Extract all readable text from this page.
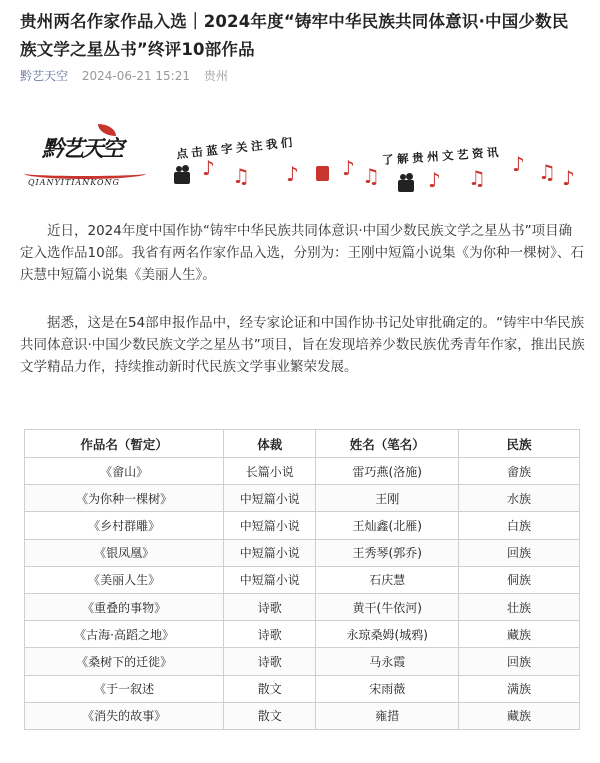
贵州两名作家作品入选｜2024年度“铸牢中华民族共同体意识·中国少数民族文学之星丛书”终评10部作品
黔艺天空 2024-06-21 15:21 贵州
黔艺天空
QIANYITIANKONG
点击蓝字关注我们	了解贵州文艺资讯
♪ ♫ ♪ ♪ ♫ ♪ ♫
♪ ♫ ♪

近日，2024年度中国作协“铸牢中华民族共同体意识·中国少数民族文学之星丛书”项目确定入选作品10部。我省有两名作家作品入选，分别为：王刚中短篇小说集《为你种一棵树》、石庆慧中短篇小说集《美丽人生》。

据悉，这是在54部申报作品中，经专家论证和中国作协书记处审批确定的。“铸牢中华民族共同体意识·中国少数民族文学之星丛书”项目，旨在发现培养少数民族优秀青年作家，推出民族文学精品力作，持续推动新时代民族文学事业繁荣发展。

作品名（暂定）	体裁	姓名（笔名）	民族
《畲山》	长篇小说	雷巧燕(洛施)	畲族
《为你种一棵树》	中短篇小说	王刚	水族
《乡村群雕》	中短篇小说	王灿鑫(北雁)	白族
《银凤凰》	中短篇小说	王秀琴(郭乔)	回族
《美丽人生》	中短篇小说	石庆慧	侗族
《重叠的事物》	诗歌	黄干(牛依河)	壮族
《古海·高蹈之地》	诗歌	永琼桑姆(城鸦)	藏族
《桑树下的迁徙》	诗歌	马永霞	回族
《于一叙述	散文	宋雨薇	满族
《消失的故事》	散文	雍措	藏族
